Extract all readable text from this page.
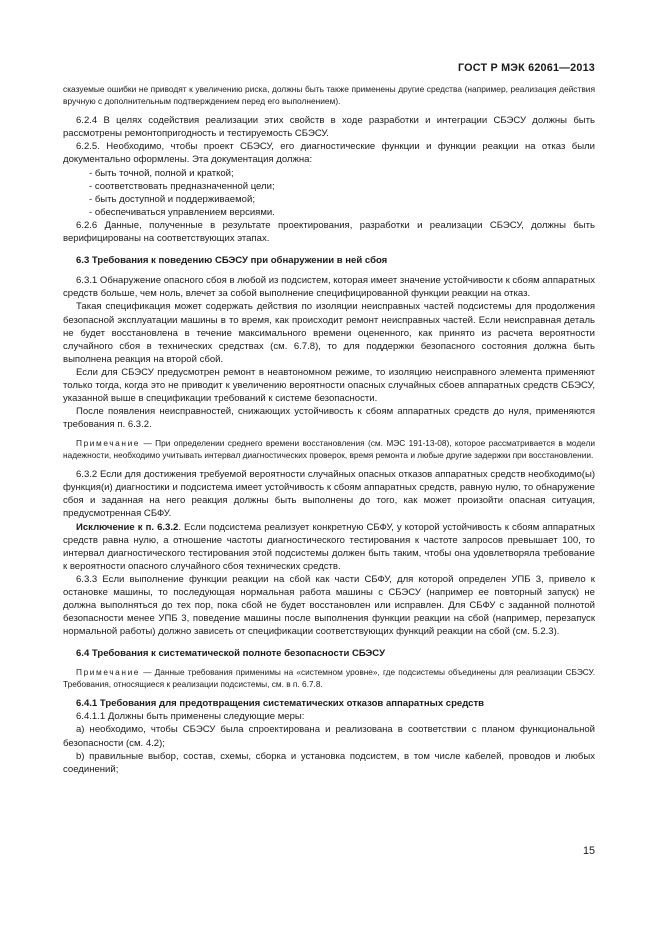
ГОСТ Р МЭК 62061—2013

сказуемые ошибки не приводят к увеличению риска, должны быть также применены другие средства (например, реализация действия вручную с дополнительным подтверждением перед его выполнением).

6.2.4 В целях содействия реализации этих свойств в ходе разработки и интеграции СБЭСУ должны быть рассмотрены ремонтопригодность и тестируемость СБЭСУ.

6.2.5. Необходимо, чтобы проект СБЭСУ, его диагностические функции и функции реакции на отказ были документально оформлены. Эта документация должна:

- быть точной, полной и краткой;
- соответствовать предназначенной цели;
- быть доступной и поддерживаемой;
- обеспечиваться управлением версиями.

6.2.6 Данные, полученные в результате проектирования, разработки и реализации СБЭСУ, должны быть верифицированы на соответствующих этапах.

6.3 Требования к поведению СБЭСУ при обнаружении в ней сбоя

6.3.1 Обнаружение опасного сбоя в любой из подсистем, которая имеет значение устойчивости к сбоям аппаратных средств больше, чем ноль, влечет за собой выполнение специфицированной функции реакции на отказ.

Такая спецификация может содержать действия по изоляции неисправных частей подсистемы для продолжения безопасной эксплуатации машины в то время, как происходит ремонт неисправных частей. Если неисправная деталь не будет восстановлена в течение максимального времени оцененного, как принято из расчета вероятности случайного сбоя в технических средствах (см. 6.7.8), то для поддержки безопасного состояния должна быть выполнена реакция на второй сбой.

Если для СБЭСУ предусмотрен ремонт в неавтономном режиме, то изоляцию неисправного элемента применяют только тогда, когда это не приводит к увеличению вероятности опасных случайных сбоев аппаратных средств СБЭСУ, указанной выше в спецификации требований к системе безопасности.

После появления неисправностей, снижающих устойчивость к сбоям аппаратных средств до нуля, применяются требования п. 6.3.2.

Примечание — При определении среднего времени восстановления (см. МЭС 191-13-08), которое рассматривается в модели надежности, необходимо учитывать интервал диагностических проверок, время ремонта и любые другие задержки при восстановлении.

6.3.2 Если для достижения требуемой вероятности случайных опасных отказов аппаратных средств необходимо(ы) функция(и) диагностики и подсистема имеет устойчивость к сбоям аппаратных средств, равную нулю, то обнаружение сбоя и заданная на него реакция должны быть выполнены до того, как может произойти опасная ситуация, предусмотренная СБФУ.

Исключение к п. 6.3.2. Если подсистема реализует конкретную СБФУ, у которой устойчивость к сбоям аппаратных средств равна нулю, а отношение частоты диагностического тестирования к частоте запросов превышает 100, то интервал диагностического тестирования этой подсистемы должен быть таким, чтобы она удовлетворяла требование к вероятности опасного случайного сбоя технических средств.

6.3.3 Если выполнение функции реакции на сбой как части СБФУ, для которой определен УПБ 3, привело к остановке машины, то последующая нормальная работа машины с СБЭСУ (например ее повторный запуск) не должна выполняться до тех пор, пока сбой не будет восстановлен или исправлен. Для СБФУ с заданной полнотой безопасности менее УПБ 3, поведение машины после выполнения функции реакции на сбой (например, перезапуск нормальной работы) должно зависеть от спецификации соответствующих функций реакции на сбой (см. 5.2.3).

6.4 Требования к систематической полноте безопасности СБЭСУ

Примечание — Данные требования применимы на «системном уровне», где подсистемы объединены для реализации СБЭСУ. Требования, относящиеся к реализации подсистемы, см. в п. 6.7.8.

6.4.1 Требования для предотвращения систематических отказов аппаратных средств

6.4.1.1 Должны быть применены следующие меры:

a) необходимо, чтобы СБЭСУ была спроектирована и реализована в соответствии с планом функциональной безопасности (см. 4.2);

b) правильные выбор, состав, схемы, сборка и установка подсистем, в том числе кабелей, проводов и любых соединений;

15
